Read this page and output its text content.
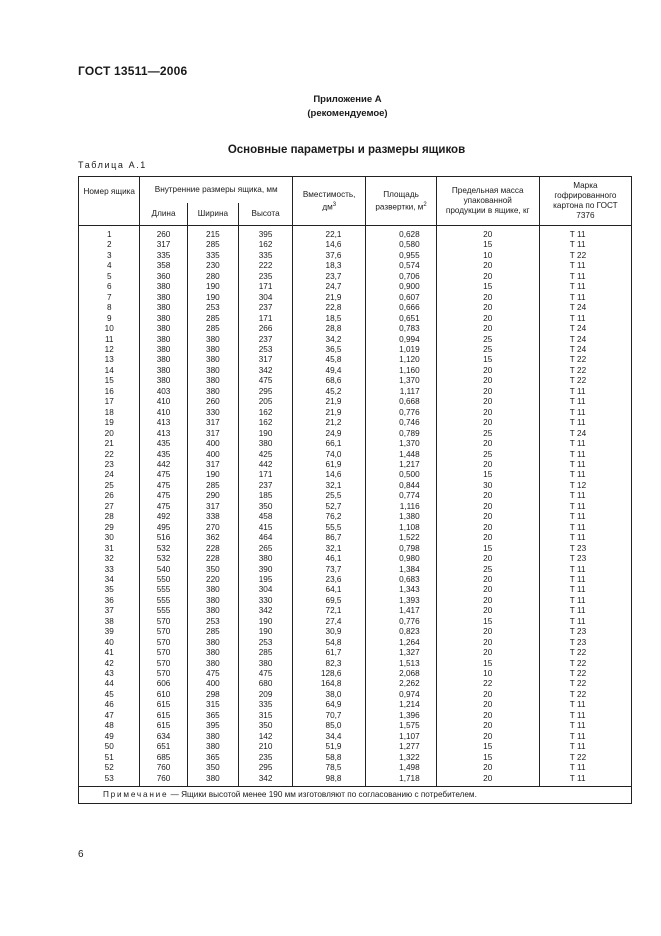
ГОСТ 13511—2006
Приложение А
(рекомендуемое)
Основные параметры и размеры ящиков
Таблица А.1
Номер ящика	Внутренние размеры ящика, мм			Вместимость, $дм^3$	Площадь развертки, $м^2$	Предельная масса упакованной продукции в ящике, кг	Марка гофрированного картона по ГОСТ 7376
	Длина	Ширина	Высота				
1	260	215	395	22,1	0,628	20	Т 11
2	317	285	162	14,6	0,580	15	Т 11
3	335	335	335	37,6	0,955	10	Т 22
4	358	230	222	18,3	0,574	20	Т 11
5	360	280	235	23,7	0,706	20	Т 11
6	380	190	171	24,7	0,900	15	Т 11
7	380	190	304	21,9	0,607	20	Т 11
8	380	253	237	22,8	0,666	20	Т 24
9	380	285	171	18,5	0,651	20	Т 11
10	380	285	266	28,8	0,783	20	Т 24
11	380	380	237	34,2	0,994	25	Т 24
12	380	380	253	36,5	1,019	25	Т 24
13	380	380	317	45,8	1,120	15	Т 22
14	380	380	342	49,4	1,160	20	Т 22
15	380	380	475	68,6	1,370	20	Т 22
16	403	380	295	45,2	1,117	20	Т 11
17	410	260	205	21,9	0,668	20	Т 11
18	410	330	162	21,9	0,776	20	Т 11
19	413	317	162	21,2	0,746	20	Т 11
20	413	317	190	24,9	0,789	25	Т 24
21	435	400	380	66,1	1,370	20	Т 11
22	435	400	425	74,0	1,448	25	Т 11
23	442	317	442	61,9	1,217	20	Т 11
24	475	190	171	14,6	0,500	15	Т 11
25	475	285	237	32,1	0,844	30	Т 12
26	475	290	185	25,5	0,774	20	Т 11
27	475	317	350	52,7	1,116	20	Т 11
28	492	338	458	76,2	1,380	20	Т 11
29	495	270	415	55,5	1,108	20	Т 11
30	516	362	464	86,7	1,522	20	Т 11
31	532	228	265	32,1	0,798	15	Т 23
32	532	228	380	46,1	0,980	20	Т 23
33	540	350	390	73,7	1,384	25	Т 11
34	550	220	195	23,6	0,683	20	Т 11
35	555	380	304	64,1	1,343	20	Т 11
36	555	380	330	69,5	1,393	20	Т 11
37	555	380	342	72,1	1,417	20	Т 11
38	570	253	190	27,4	0,776	15	Т 11
39	570	285	190	30,9	0,823	20	Т 23
40	570	380	253	54,8	1,264	20	Т 23
41	570	380	285	61,7	1,327	20	Т 22
42	570	380	380	82,3	1,513	15	Т 22
43	570	475	475	128,6	2,068	10	Т 22
44	606	400	680	164,8	2,262	22	Т 22
45	610	298	209	38,0	0,974	20	Т 22
46	615	315	335	64,9	1,214	20	Т 11
47	615	365	315	70,7	1,396	20	Т 11
48	615	395	350	85,0	1,575	20	Т 11
49	634	380	142	34,4	1,107	20	Т 11
50	651	380	210	51,9	1,277	15	Т 11
51	685	365	235	58,8	1,322	15	Т 22
52	760	350	295	78,5	1,498	20	Т 11
53	760	380	342	98,8	1,718	20	Т 11
Примечание — Ящики высотой менее 190 мм изготовляют по согласованию с потребителем.							
6
